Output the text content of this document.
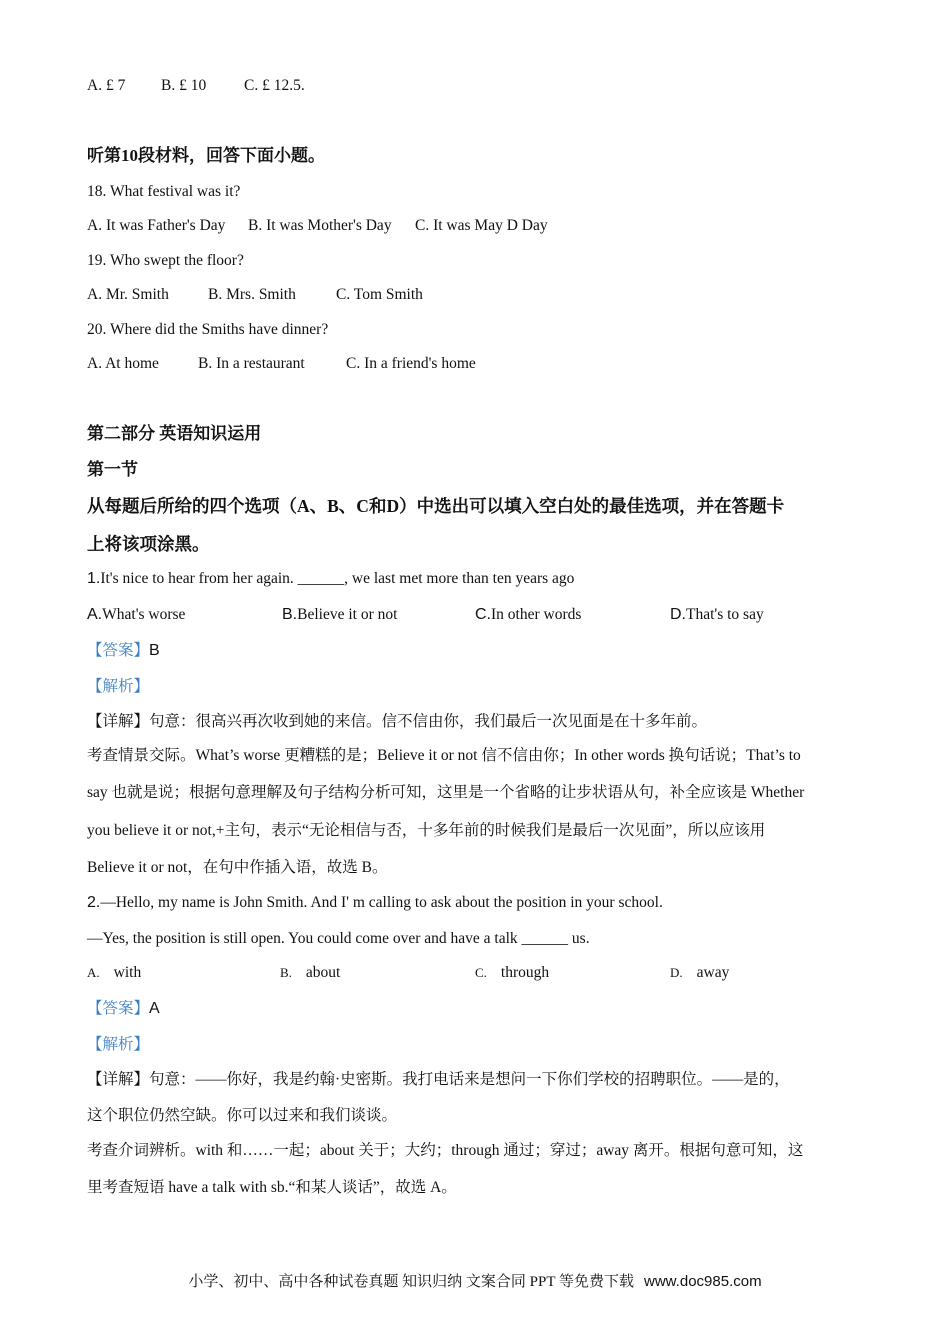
A. £ 7 B. £ 10 C. £ 12.5.
听第10段材料，回答下面小题。
18. What festival was it?
A. It was Father's Day B. It was Mother's Day C. It was May D Day
19. Who swept the floor?
A. Mr. Smith	B. Mrs. Smith	C. Tom Smith
20. Where did the Smiths have dinner?
A. At home	B. In a restaurant	C. In a friend's home
第二部分 英语知识运用
第一节
从每题后所给的四个选项（A、B、C和D）中选出可以填入空白处的最佳选项，并在答题卡
上将该项涂黑。
1.It's nice to hear from her again. ______, we last met more than ten years ago
A.What's worse	B.Believe it or not	C.In other words	D.That's to say
【答案】B
【解析】
【详解】句意：很高兴再次收到她的来信。信不信由你，我们最后一次见面是在十多年前。
考查情景交际。What’s worse 更糟糕的是；Believe it or not 信不信由你；In other words 换句话说；That’s to
say 也就是说；根据句意理解及句子结构分析可知，这里是一个省略的让步状语从句，补全应该是 Whether
you believe it or not,+主句，表示“无论相信与否，十多年前的时候我们是最后一次见面”，所以应该用
Believe it or not，在句中作插入语，故选 B。
2.—Hello, my name is John Smith. And I' m calling to ask about the position in your school.
—Yes, the position is still open. You could come over and have a talk ______ us.
A. with	B. about	C. through	D. away
【答案】A
【解析】
【详解】句意：——你好，我是约翰·史密斯。我打电话来是想问一下你们学校的招聘职位。——是的，
这个职位仍然空缺。你可以过来和我们谈谈。
考查介词辨析。with 和……一起；about 关于；大约；through 通过；穿过；away 离开。根据句意可知，这
里考查短语 have a talk with sb.“和某人谈话”，故选 A。
小学、初中、高中各种试卷真题 知识归纳 文案合同 PPT 等免费下载 www.doc985.com
